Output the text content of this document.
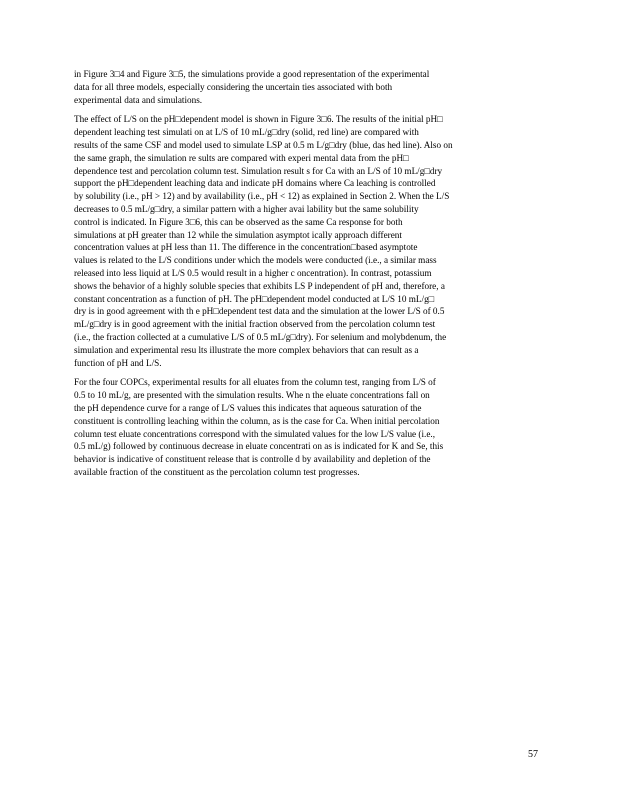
in Figure 3□4 and Figure 3□5, the simulations provide a good representation of the experimental
data for all three models, especially considering the uncertain ties associated with both
experimental data and simulations.

The effect of L/S on the pH□dependent model is shown in Figure 3□6. The results of the initial pH□
dependent leaching test simulati on at L/S of 10 mL/g□dry (solid, red line) are compared with
results of the same CSF and model used to simulate LSP at 0.5 m L/g□dry (blue, das hed line). Also on
the same graph, the simulation re sults are compared with experi mental data from the pH□
dependence test and percolation column test. Simulation result s for Ca with an L/S of 10 mL/g□dry
support the pH□dependent leaching data and indicate pH domains where Ca leaching is controlled
by solubility (i.e., pH > 12) and by availability (i.e., pH < 12) as explained in Section 2. When the L/S
decreases to 0.5 mL/g□dry, a similar pattern with a higher avai lability but the same solubility
control is indicated. In Figure 3□6, this can be observed as the same Ca response for both
simulations at pH greater than 12 while the simulation asymptot ically approach different
concentration values at pH less than 11. The difference in the concentration□based asymptote
values is related to the L/S conditions under which the models were conducted (i.e., a similar mass
released into less liquid at L/S 0.5 would result in a higher c oncentration). In contrast, potassium
shows the behavior of a highly soluble species that exhibits LS P independent of pH and, therefore, a
constant concentration as a function of pH. The pH□dependent model conducted at L/S 10 mL/g□
dry is in good agreement with th e pH□dependent test data and the simulation at the lower L/S of 0.5
mL/g□dry is in good agreement with the initial fraction observed from the percolation column test
(i.e., the fraction collected at a cumulative L/S of 0.5 mL/g□dry). For selenium and molybdenum, the
simulation and experimental resu lts illustrate the more complex behaviors that can result as a
function of pH and L/S.

For the four COPCs, experimental results for all eluates from the column test, ranging from L/S of
0.5 to 10 mL/g, are presented with the simulation results. Whe n the eluate concentrations fall on
the pH dependence curve for a range of L/S values this indicates that aqueous saturation of the
constituent is controlling leaching within the column, as is the case for Ca. When initial percolation
column test eluate concentrations correspond with the simulated values for the low L/S value (i.e.,
0.5 mL/g) followed by continuous decrease in eluate concentrati on as is indicated for K and Se, this
behavior is indicative of constituent release that is controlle d by availability and depletion of the
available fraction of the constituent as the percolation column test progresses.

57
